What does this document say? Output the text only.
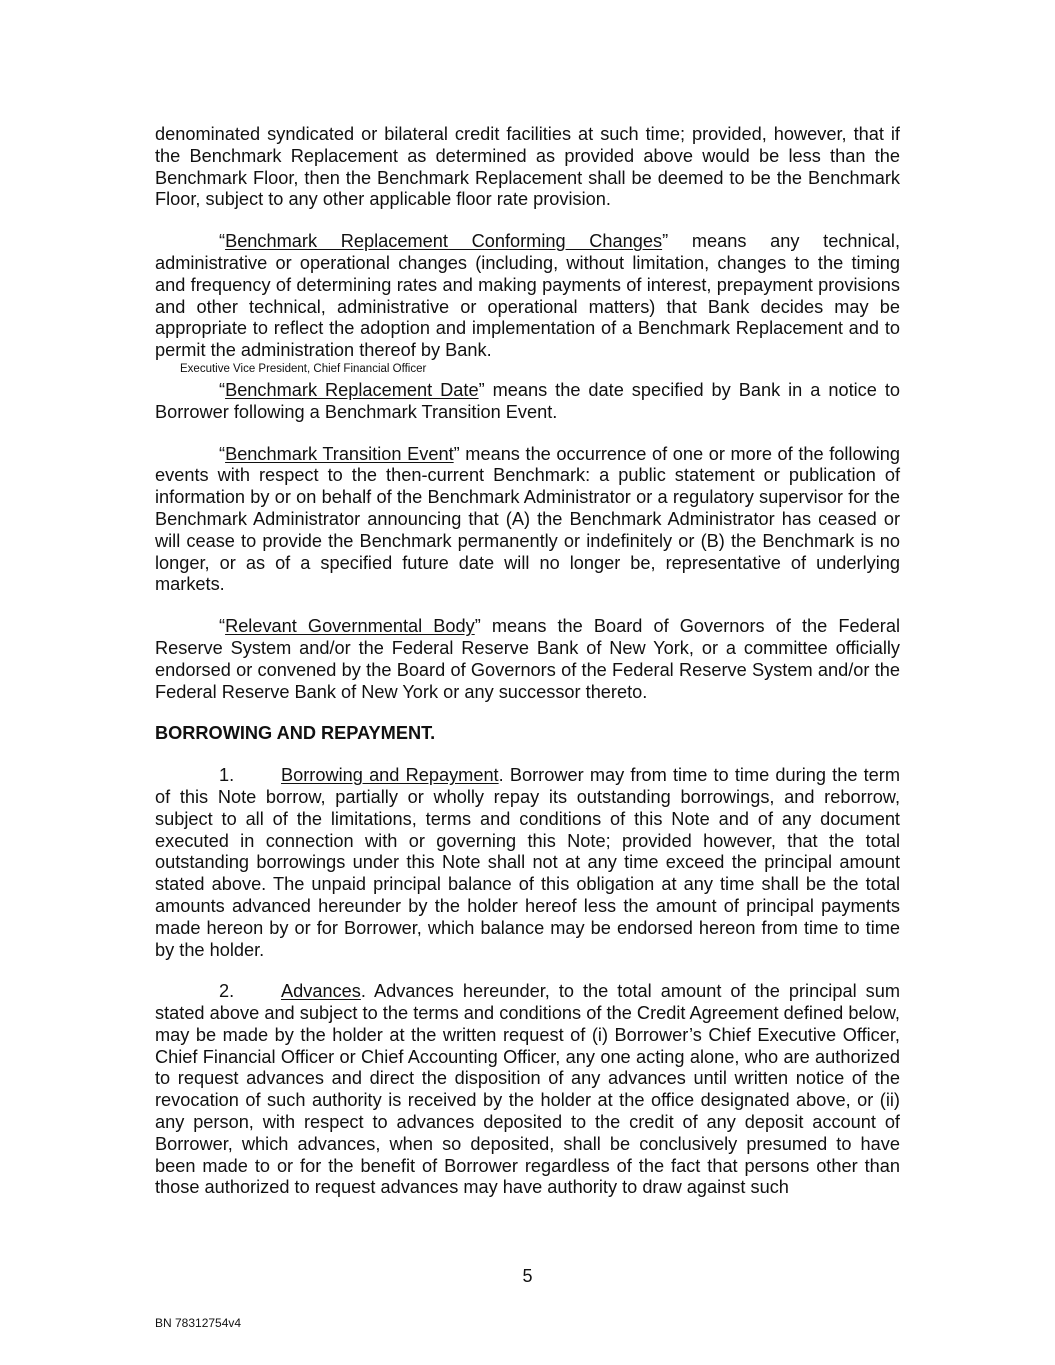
denominated syndicated or bilateral credit facilities at such time; provided, however, that if the Benchmark Replacement as determined as provided above would be less than the Benchmark Floor, then the Benchmark Replacement shall be deemed to be the Benchmark Floor, subject to any other applicable floor rate provision.

“Benchmark Replacement Conforming Changes” means any technical, administrative or operational changes (including, without limitation, changes to the timing and frequency of determining rates and making payments of interest, prepayment provisions and other technical, administrative or operational matters) that Bank decides may be appropriate to reflect the adoption and implementation of a Benchmark Replacement and to permit the administration thereof by Bank.

Executive Vice President, Chief Financial Officer

“Benchmark Replacement Date” means the date specified by Bank in a notice to Borrower following a Benchmark Transition Event.

“Benchmark Transition Event” means the occurrence of one or more of the following events with respect to the then-current Benchmark: a public statement or publication of information by or on behalf of the Benchmark Administrator or a regulatory supervisor for the Benchmark Administrator announcing that (A) the Benchmark Administrator has ceased or will cease to provide the Benchmark permanently or indefinitely or (B) the Benchmark is no longer, or as of a specified future date will no longer be, representative of underlying markets.

“Relevant Governmental Body” means the Board of Governors of the Federal Reserve System and/or the Federal Reserve Bank of New York, or a committee officially endorsed or convened by the Board of Governors of the Federal Reserve System and/or the Federal Reserve Bank of New York or any successor thereto.

BORROWING AND REPAYMENT.

1.	Borrowing and Repayment. Borrower may from time to time during the term of this Note borrow, partially or wholly repay its outstanding borrowings, and reborrow, subject to all of the limitations, terms and conditions of this Note and of any document executed in connection with or governing this Note; provided however, that the total outstanding borrowings under this Note shall not at any time exceed the principal amount stated above. The unpaid principal balance of this obligation at any time shall be the total amounts advanced hereunder by the holder hereof less the amount of principal payments made hereon by or for Borrower, which balance may be endorsed hereon from time to time by the holder.

2.	Advances. Advances hereunder, to the total amount of the principal sum stated above and subject to the terms and conditions of the Credit Agreement defined below, may be made by the holder at the written request of (i) Borrower’s Chief Executive Officer, Chief Financial Officer or Chief Accounting Officer, any one acting alone, who are authorized to request advances and direct the disposition of any advances until written notice of the revocation of such authority is received by the holder at the office designated above, or (ii) any person, with respect to advances deposited to the credit of any deposit account of Borrower, which advances, when so deposited, shall be conclusively presumed to have been made to or for the benefit of Borrower regardless of the fact that persons other than those authorized to request advances may have authority to draw against such

5
BN 78312754v4
